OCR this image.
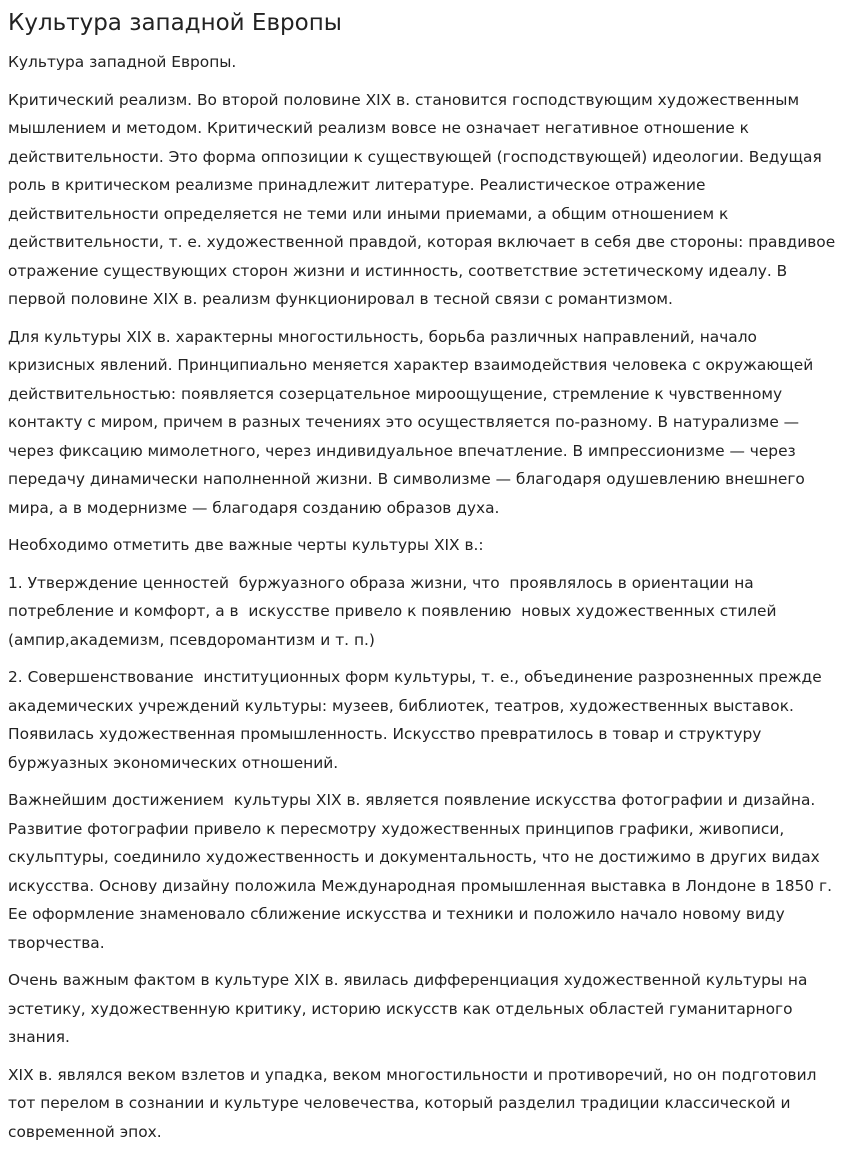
Культура западной Европы

Культура западной Европы.

Критический реализм. Во второй половине XIX в. становится господствующим художественным мышлением и методом. Критический реализм вовсе не означает негативное отношение к действительности. Это форма оппозиции к существующей (господствующей) идеологии. Ведущая роль в критическом реализме принадлежит литературе. Реалистическое отражение действительности определяется не теми или иными приемами, а общим отношением к действительности, т. е. художественной правдой, которая включает в себя две стороны: правдивое отражение существующих сторон жизни и истинность, соответствие эстетическому идеалу. В первой половине XIX в. реализм функционировал в тесной связи с романтизмом.

Для культуры XIX в. характерны многостильность, борьба различных направлений, начало кризисных явлений. Принципиально меняется характер взаимодействия человека с окружающей действительностью: появляется созерцательное мироощущение, стремление к чувственному контакту с миром, причем в разных течениях это осуществляется по-разному. В натурализме — через фиксацию мимолетного, через индивидуальное впечатление. В импрессионизме — через передачу динамически наполненной жизни. В символизме — благодаря одушевлению внешнего мира, а в модернизме — благодаря созданию образов духа.

Необходимо отметить две важные черты культуры XIX в.:

1. Утверждение ценностей  буржуазного образа жизни, что  проявлялось в ориентации на потребление и комфорт, а в  искусстве привело к появлению  новых художественных стилей (ампир,академизм, псевдоромантизм и т. п.)

2. Совершенствование  институционных форм культуры, т. е., объединение разрозненных прежде академических учреждений культуры: музеев, библиотек, театров, художественных выставок. Появилась художественная промышленность. Искусство превратилось в товар и структуру буржуазных экономических отношений.

Важнейшим достижением  культуры XIX в. является появление искусства фотографии и дизайна. Развитие фотографии привело к пересмотру художественных принципов графики, живописи, скульптуры, соединило художественность и документальность, что не достижимо в других видах искусства. Основу дизайну положила Международная промышленная выставка в Лондоне в 1850 г. Ее оформление знаменовало сближение искусства и техники и положило начало новому виду творчества.

Очень важным фактом в культуре XIX в. явилась дифференциация художественной культуры на эстетику, художественную критику, историю искусств как отдельных областей гуманитарного знания.

XIX в. являлся веком взлетов и упадка, веком многостильности и противоречий, но он подготовил тот перелом в сознании и культуре человечества, который разделил традиции классической и современной эпох.
